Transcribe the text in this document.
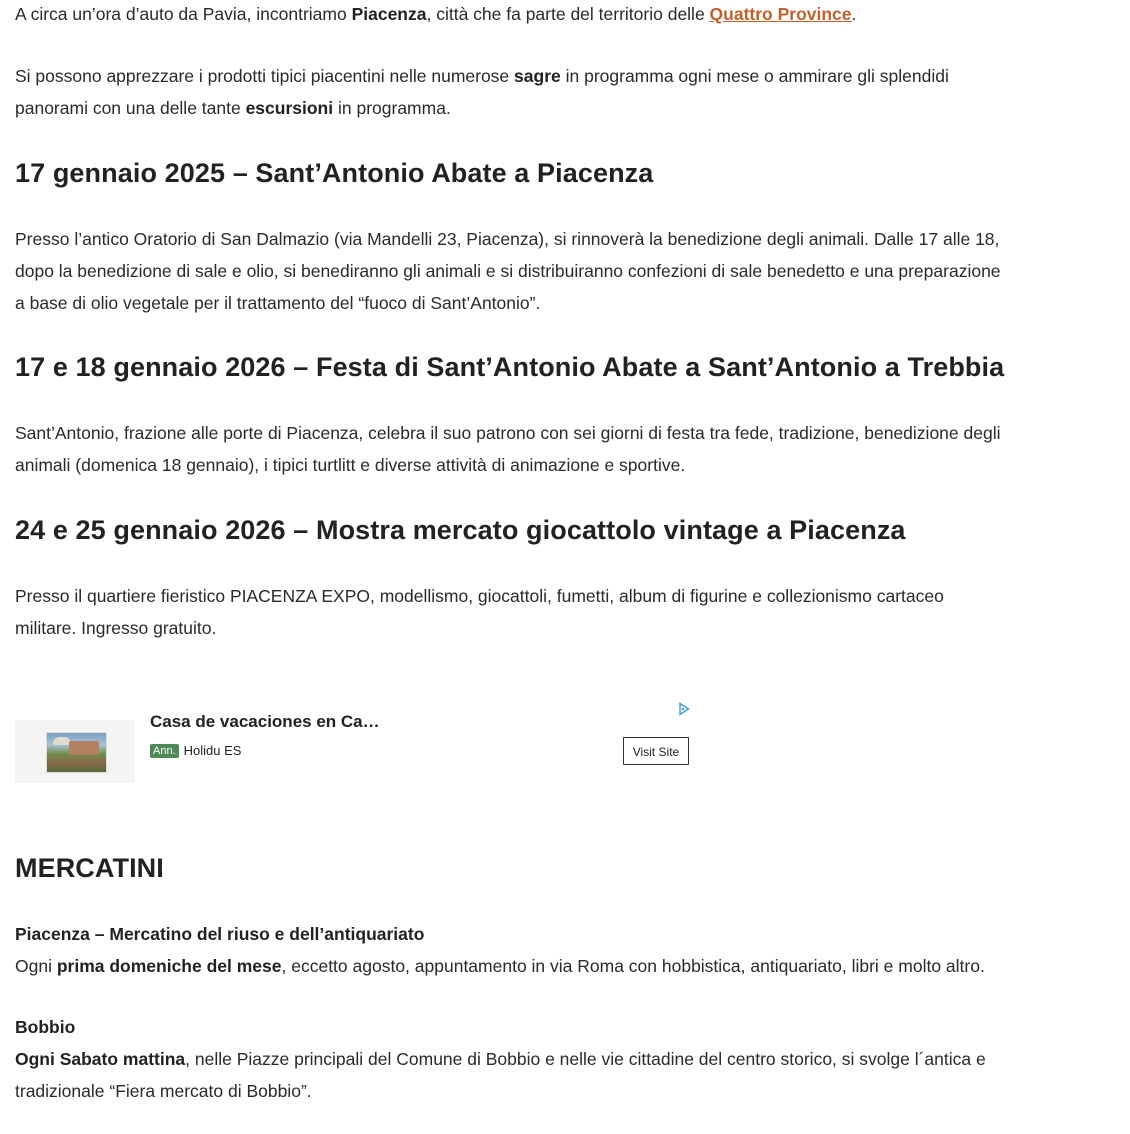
A circa un’ora d’auto da Pavia, incontriamo Piacenza, città che fa parte del territorio delle Quattro Province.

Si possono apprezzare i prodotti tipici piacentini nelle numerose sagre in programma ogni mese o ammirare gli splendidi
panorami con una delle tante escursioni in programma.

17 gennaio 2025 – Sant’Antonio Abate a Piacenza

Presso l’antico Oratorio di San Dalmazio (via Mandelli 23, Piacenza), si rinnoverà la benedizione degli animali. Dalle 17 alle 18,
dopo la benedizione di sale e olio, si benediranno gli animali e si distribuiranno confezioni di sale benedetto e una preparazione
a base di olio vegetale per il trattamento del “fuoco di Sant’Antonio”.

17 e 18 gennaio 2026 – Festa di Sant’Antonio Abate a Sant’Antonio a Trebbia

Sant’Antonio, frazione alle porte di Piacenza, celebra il suo patrono con sei giorni di festa tra fede, tradizione, benedizione degli
animali (domenica 18 gennaio), i tipici turtlitt e diverse attività di animazione e sportive.

24 e 25 gennaio 2026 – Mostra mercato giocattolo vintage a Piacenza

Presso il quartiere fieristico PIACENZA EXPO, modellismo, giocattoli, fumetti, album di figurine e collezionismo cartaceo
militare. Ingresso gratuito.

MERCATINI

Piacenza – Mercatino del riuso e dell’antiquariato
Ogni prima domeniche del mese, eccetto agosto, appuntamento in via Roma con hobbistica, antiquariato, libri e molto altro.

Bobbio
Ogni Sabato mattina, nelle Piazze principali del Comune di Bobbio e nelle vie cittadine del centro storico, si svolge l´antica e
tradizionale “Fiera mercato di Bobbio”.

Casa de vacaciones en Ca…
Ann. Holidu ES	Visit Site
